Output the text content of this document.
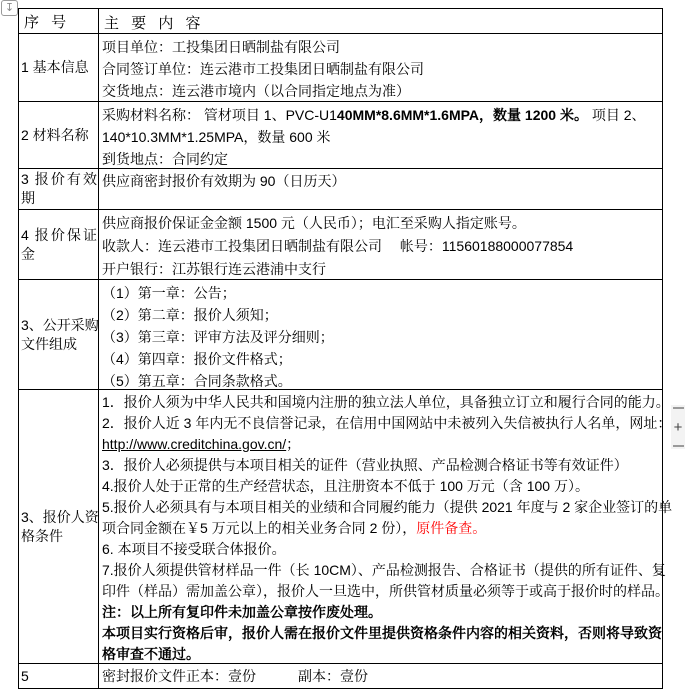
↧
序 号	主 要 内 容
1 基本信息
项目单位：工投集团日晒制盐有限公司
合同签订单位：连云港市工投集团日晒制盐有限公司
交货地点：连云港市境内（以合同指定地点为准）
2 材料名称
采购材料名称： 管材项目 1、PVC-U140MM*8.6MM*1.6MPA，数量 1200 米。 项目 2、
140*10.3MM*1.25MPA，数量 600 米
到货地点：合同约定
3 报价有效
期
供应商密封报价有效期为 90（日历天）
4 报价保证
金
供应商报价保证金金额 1500 元（人民币）；电汇至采购人指定账号。
收款人：连云港市工投集团日晒制盐有限公司　 帐号：11560188000077854
开户银行：江苏银行连云港浦中支行
3、公开采购
文件组成
（1）第一章：公告；
（2）第二章：报价人须知；
（3）第三章：评审方法及评分细则；
（4）第四章：报价文件格式；
（5）第五章：合同条款格式。
3、报价人资
格条件
1．报价人须为中华人民共和国境内注册的独立法人单位，具备独立订立和履行合同的能力。
2．报价人近 3 年内无不良信誉记录，在信用中国网站中未被列入失信被执行人名单，网址：
http://www.creditchina.gov.cn/；
3．报价人必须提供与本项目相关的证件（营业执照、产品检测合格证书等有效证件）
4.报价人处于正常的生产经营状态，且注册资本不低于 100 万元（含 100 万）。
5.报价人必须具有与本项目相关的业绩和合同履约能力（提供 2021 年度与 2 家企业签订的单
项合同金额在￥5 万元以上的相关业务合同 2 份），原件备查。
6. 本项目不接受联合体报价。
7.报价人须提供管材样品一件（长 10CM）、产品检测报告、合格证书（提供的所有证件、复
印件（样品）需加盖公章），报价人一旦选中，所供管材质量必须等于或高于报价时的样品。
注：以上所有复印件未加盖公章按作废处理。
本项目实行资格后审，报价人需在报价文件里提供资格条件内容的相关资料，否则将导致资
格审查不通过。
5	密封报价文件正本：壹份　　　副本：壹份
+
